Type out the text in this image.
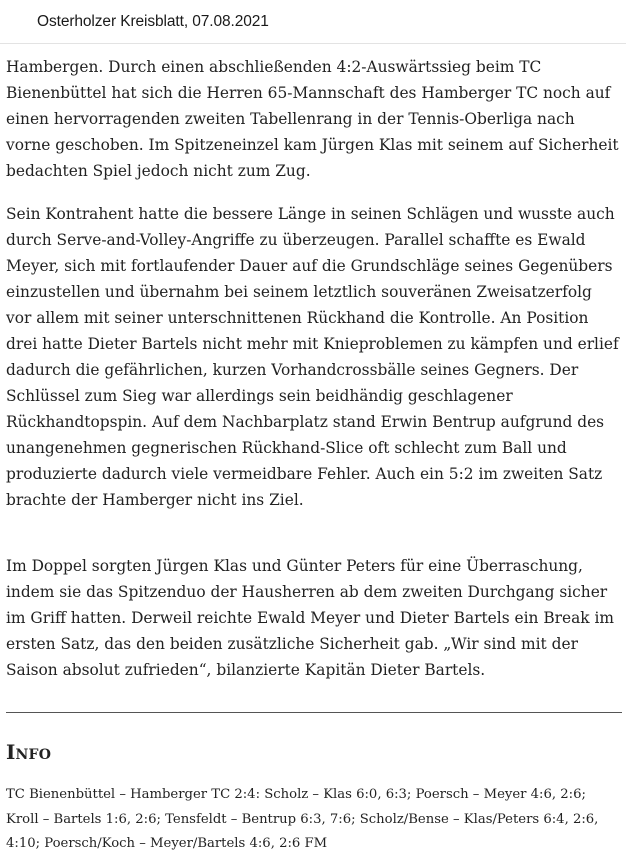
Osterholzer Kreisblatt, 07.08.2021

Hambergen. Durch einen abschließenden 4:2-Auswärtssieg beim TC Bienenbüttel hat sich die Herren 65-Mannschaft des Hamberger TC noch auf einen hervorragenden zweiten Tabellenrang in der Tennis-Oberliga nach vorne geschoben. Im Spitzeneinzel kam Jürgen Klas mit seinem auf Sicherheit bedachten Spiel jedoch nicht zum Zug.

Sein Kontrahent hatte die bessere Länge in seinen Schlägen und wusste auch durch Serve-and-Volley-Angriffe zu überzeugen. Parallel schaffte es Ewald Meyer, sich mit fortlaufender Dauer auf die Grundschläge seines Gegenübers einzustellen und übernahm bei seinem letztlich souveränen Zweisatzerfolg vor allem mit seiner unterschnittenen Rückhand die Kontrolle. An Position drei hatte Dieter Bartels nicht mehr mit Knieproblemen zu kämpfen und erlief dadurch die gefährlichen, kurzen Vorhandcrossbälle seines Gegners. Der Schlüssel zum Sieg war allerdings sein beidhändig geschlagener Rückhandtopspin. Auf dem Nachbarplatz stand Erwin Bentrup aufgrund des unangenehmen gegnerischen Rückhand-Slice oft schlecht zum Ball und produzierte dadurch viele vermeidbare Fehler. Auch ein 5:2 im zweiten Satz brachte der Hamberger nicht ins Ziel.

Im Doppel sorgten Jürgen Klas und Günter Peters für eine Überraschung, indem sie das Spitzenduo der Hausherren ab dem zweiten Durchgang sicher im Griff hatten. Derweil reichte Ewald Meyer und Dieter Bartels ein Break im ersten Satz, das den beiden zusätzliche Sicherheit gab. „Wir sind mit der Saison absolut zufrieden“, bilanzierte Kapitän Dieter Bartels.

Info

TC Bienenbüttel – Hamberger TC 2:4: Scholz – Klas 6:0, 6:3; Poersch – Meyer 4:6, 2:6; Kroll – Bartels 1:6, 2:6; Tensfeldt – Bentrup 6:3, 7:6; Scholz/Bense – Klas/Peters 6:4, 2:6, 4:10; Poersch/Koch – Meyer/Bartels 4:6, 2:6 FM
